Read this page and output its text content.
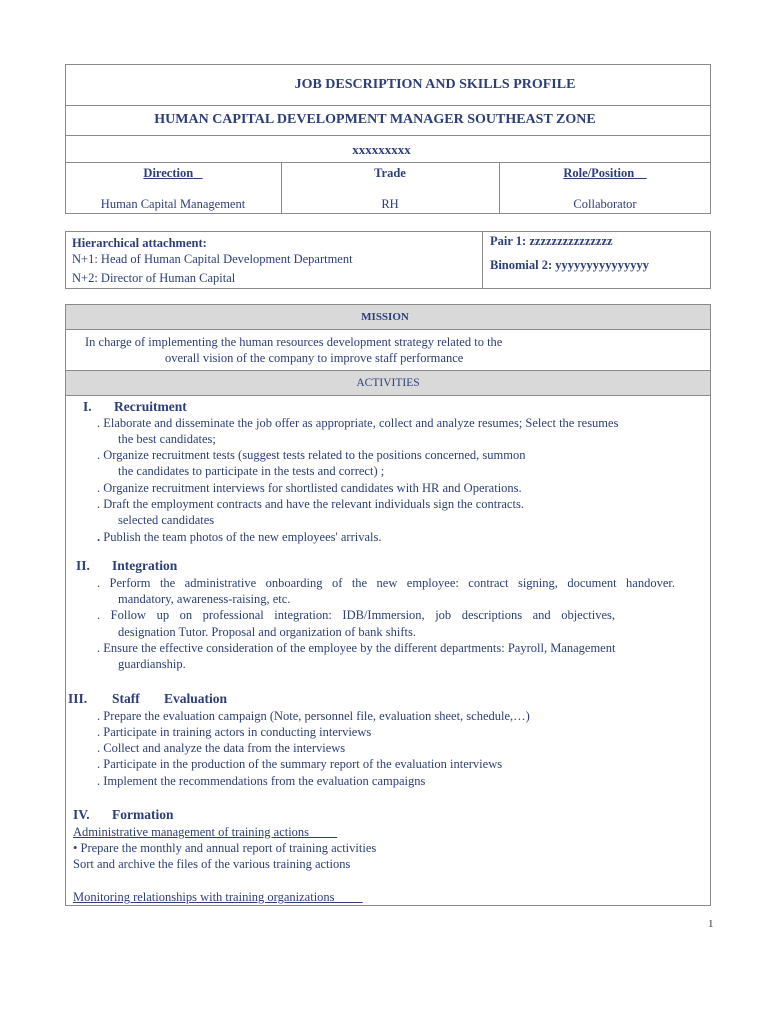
JOB DESCRIPTION AND SKILLS PROFILE
HUMAN CAPITAL DEVELOPMENT MANAGER SOUTHEAST ZONE
xxxxxxxxx
Direction	Trade	Role/Position
Human Capital Management	RH	Collaborator
Hierarchical attachment:
N+1: Head of Human Capital Development Department
N+2: Director of Human Capital
Pair 1: zzzzzzzzzzzzzzz
Binomial 2: yyyyyyyyyyyyyyy
MISSION
In charge of implementing the human resources development strategy related to the
overall vision of the company to improve staff performance
ACTIVITIES
I. Recruitment
. Elaborate and disseminate the job offer as appropriate, collect and analyze resumes; Select the resumes
the best candidates;
. Organize recruitment tests (suggest tests related to the positions concerned, summon
the candidates to participate in the tests and correct) ;
. Organize recruitment interviews for shortlisted candidates with HR and Operations.
. Draft the employment contracts and have the relevant individuals sign the contracts.
selected candidates
. Publish the team photos of the new employees' arrivals.
II. Integration
. Perform the administrative onboarding of the new employee: contract signing, document handover.
mandatory, awareness-raising, etc.
. Follow up on professional integration: IDB/Immersion, job descriptions and objectives,
designation Tutor. Proposal and organization of bank shifts.
. Ensure the effective consideration of the employee by the different departments: Payroll, Management
guardianship.
III. Staff Evaluation
. Prepare the evaluation campaign (Note, personnel file, evaluation sheet, schedule,…)
. Participate in training actors in conducting interviews
. Collect and analyze the data from the interviews
. Participate in the production of the summary report of the evaluation interviews
. Implement the recommendations from the evaluation campaigns
IV. Formation
Administrative management of training actions
• Prepare the monthly and annual report of training activities
Sort and archive the files of the various training actions
Monitoring relationships with training organizations
1
